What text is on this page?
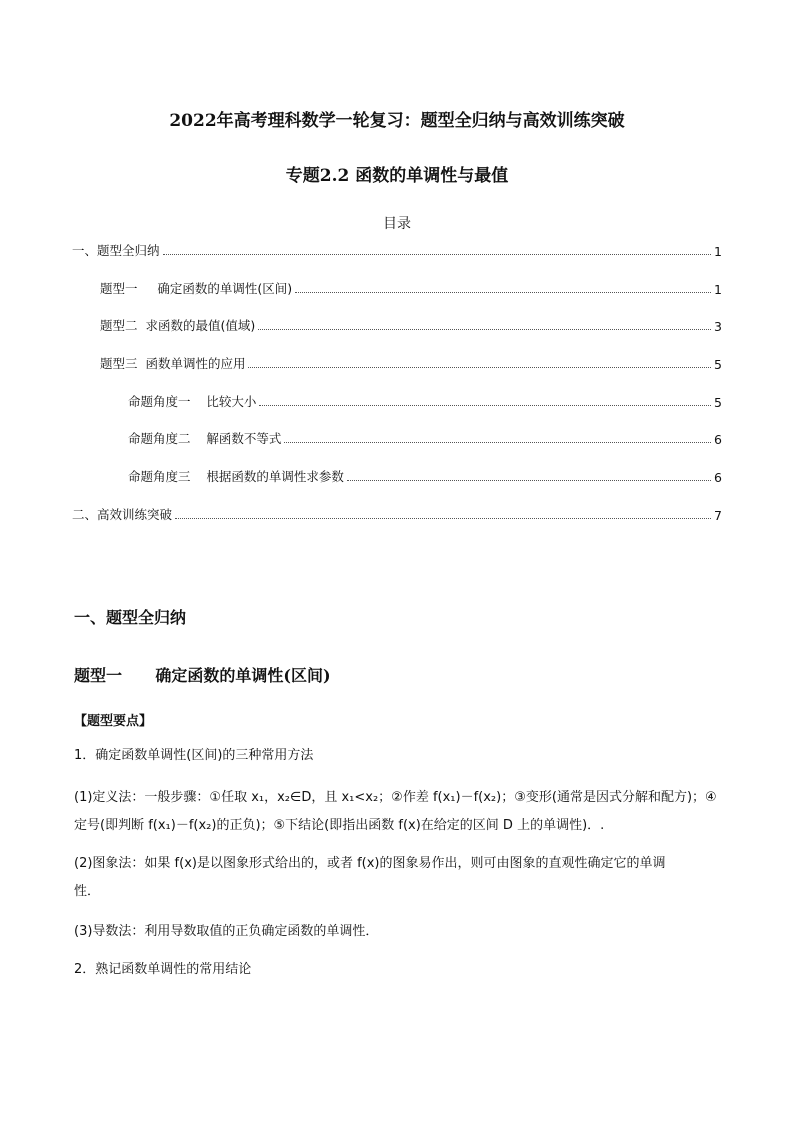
2022年高考理科数学一轮复习：题型全归纳与高效训练突破
专题2.2 函数的单调性与最值
目录
一、题型全归纳	1
题型一     确定函数的单调性(区间)	1
题型二  求函数的最值(值域)	3
题型三  函数单调性的应用	5
命题角度一    比较大小	5
命题角度二    解函数不等式	6
命题角度三    根据函数的单调性求参数	6
二、高效训练突破	7
一、题型全归纳
题型一      确定函数的单调性(区间)
【题型要点】
1．确定函数单调性(区间)的三种常用方法
(1)定义法：一般步骤：①任取 x₁，x₂∈D，且 x₁<x₂；②作差 f(x₁)－f(x₂)；③变形(通常是因式分解和配方)；④
定号(即判断 f(x₁)－f(x₂)的正负)；⑤下结论(即指出函数 f(x)在给定的区间 D 上的单调性)．.
(2)图象法：如果 f(x)是以图象形式给出的，或者 f(x)的图象易作出，则可由图象的直观性确定它的单调
性．
(3)导数法：利用导数取值的正负确定函数的单调性．
2．熟记函数单调性的常用结论
